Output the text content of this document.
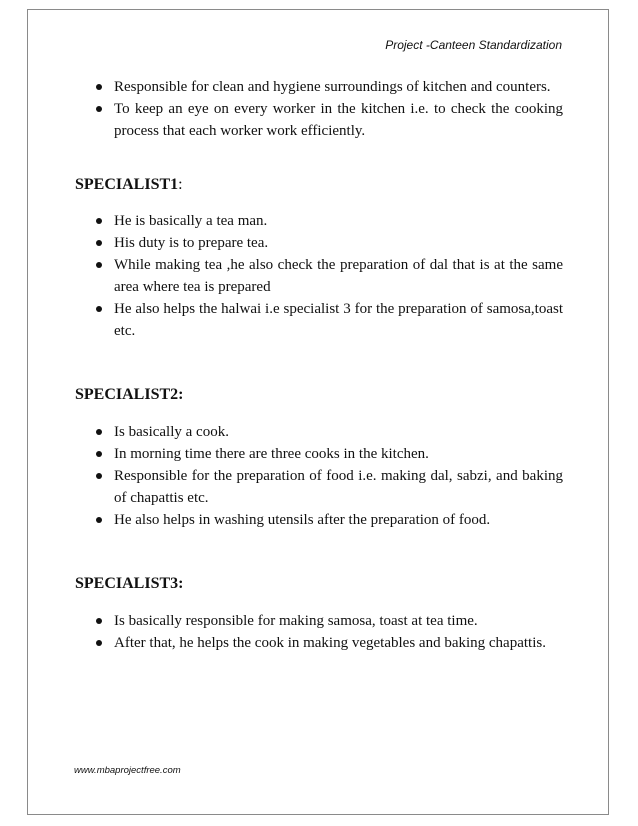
Project -Canteen Standardization
Responsible for clean and hygiene surroundings of kitchen and counters.
To keep an eye on every worker in the kitchen i.e. to check the cooking process that each worker work efficiently.

SPECIALIST1:

He is basically a tea man.
His duty is to prepare tea.
While making tea ,he also check the preparation of dal that is at the same area where tea is prepared
He also helps the halwai i.e specialist 3 for the preparation of samosa,toast etc.

SPECIALIST2:

Is basically a cook.
In morning time there are three cooks in the kitchen.
Responsible for the preparation of food i.e. making dal, sabzi, and baking of chapattis etc.
He also helps in washing utensils after the preparation of food.

SPECIALIST3:

Is basically responsible for making samosa, toast at tea time.
After that, he helps the cook in making vegetables and baking chapattis.
www.mbaprojectfree.com
